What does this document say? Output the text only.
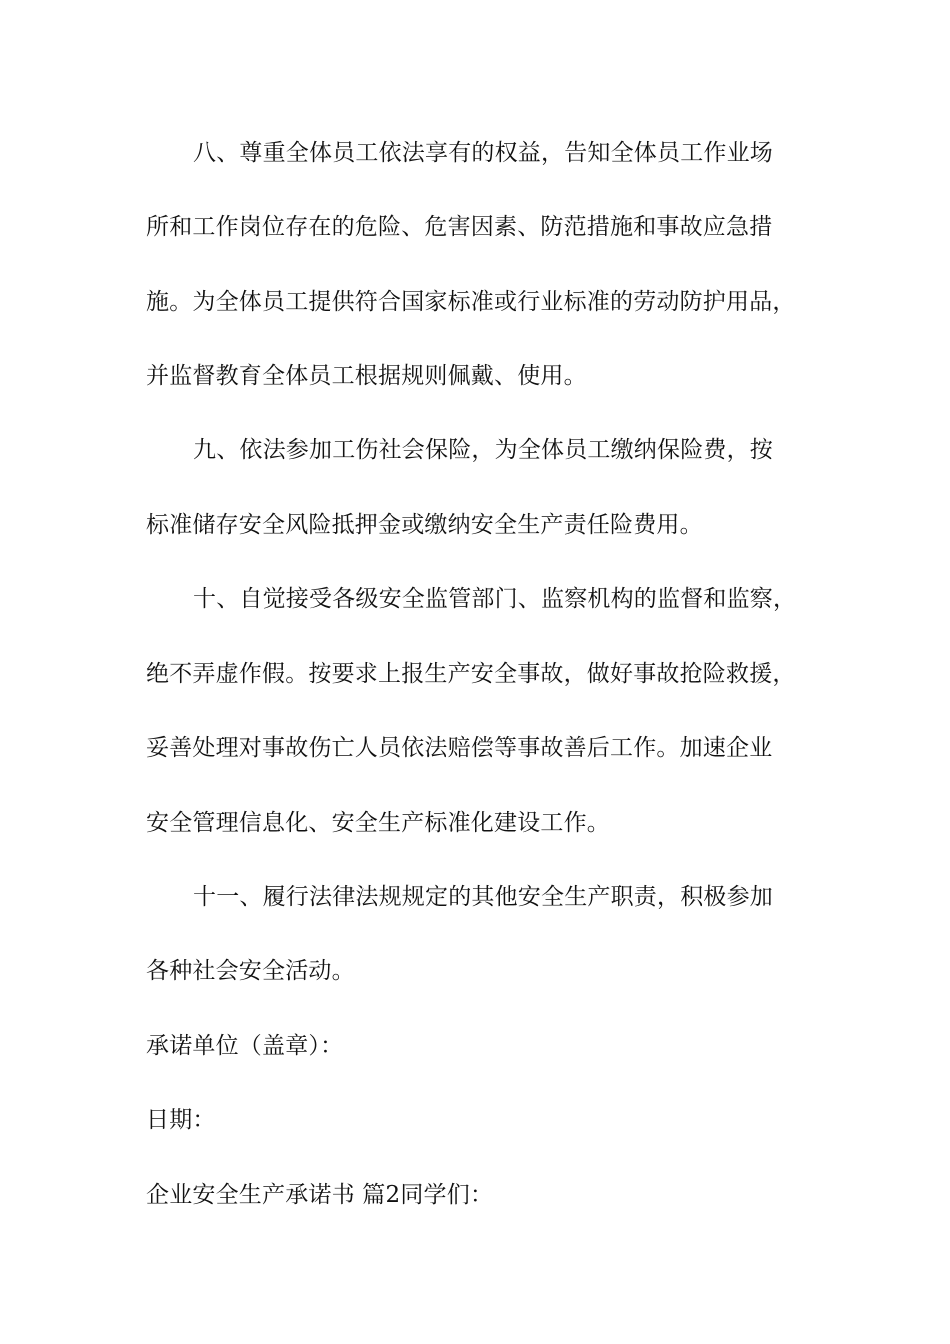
八、尊重全体员工依法享有的权益，告知全体员工作业场
所和工作岗位存在的危险、危害因素、防范措施和事故应急措
施。为全体员工提供符合国家标准或行业标准的劳动防护用品，
并监督教育全体员工根据规则佩戴、使用。
九、依法参加工伤社会保险，为全体员工缴纳保险费，按
标准储存安全风险抵押金或缴纳安全生产责任险费用。
十、自觉接受各级安全监管部门、监察机构的监督和监察，
绝不弄虚作假。按要求上报生产安全事故，做好事故抢险救援，
妥善处理对事故伤亡人员依法赔偿等事故善后工作。加速企业
安全管理信息化、安全生产标准化建设工作。
十一、履行法律法规规定的其他安全生产职责，积极参加
各种社会安全活动。
承诺单位（盖章）：
日期：
企业安全生产承诺书 篇2同学们：
